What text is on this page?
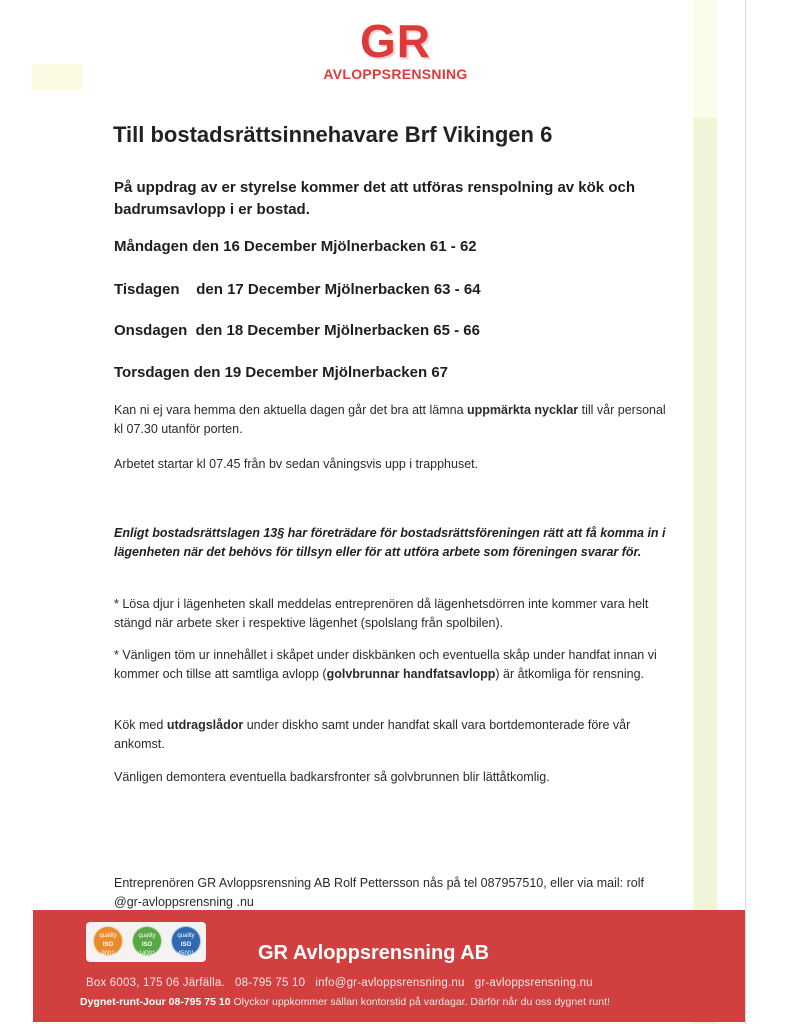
GR
AVLOPPSRENSNING
Till bostadsrättsinnehavare Brf Vikingen 6
På uppdrag av er styrelse kommer det att utföras renspolning av kök och badrumsavlopp i er bostad.
Måndagen den 16 December Mjölnerbacken 61 - 62
Tisdagen    den 17 December Mjölnerbacken 63 - 64
Onsdagen  den 18 December Mjölnerbacken 65 - 66
Torsdagen den 19 December Mjölnerbacken 67
Kan ni ej vara hemma den aktuella dagen går det bra att lämna uppmärkta nycklar till vår personal kl 07.30 utanför porten.
Arbetet startar kl 07.45 från bv sedan våningsvis upp i trapphuset.
Enligt bostadsrättslagen 13§ har företrädare för bostadsrättsföreningen rätt att få komma in i lägenheten när det behövs för tillsyn eller för att utföra arbete som föreningen svarar för.
* Lösa djur i lägenheten skall meddelas entreprenören då lägenhetsdörren inte kommer vara helt stängd när arbete sker i respektive lägenhet (spolslang från spolbilen).
* Vänligen töm ur innehållet i skåpet under diskbänken och eventuella skåp under handfat innan vi kommer och tillse att samtliga avlopp (golvbrunnar handfatsavlopp) är åtkomliga för rensning.
Kök med utdragslådor under diskho samt under handfat skall vara bortdemonterade före vår ankomst.
Vänligen demontera eventuella badkarsfronter så golvbrunnen blir lättåtkomlig.
Entreprenören GR Avloppsrensning AB Rolf Pettersson nås på tel 087957510, eller via mail: rolf @gr-avloppsrensning .nu
quality
ISO
9001
quality
ISO
14001
quality
ISO
45001	GR Avloppsrensning AB
Box 6003, 175 06 Järfälla.   08-795 75 10   info@gr-avloppsrensning.nu   gr-avloppsrensning.nu
Dygnet-runt-Jour 08-795 75 10 Olyckor uppkommer sällan kontorstid på vardagar. Därför når du oss dygnet runt!
